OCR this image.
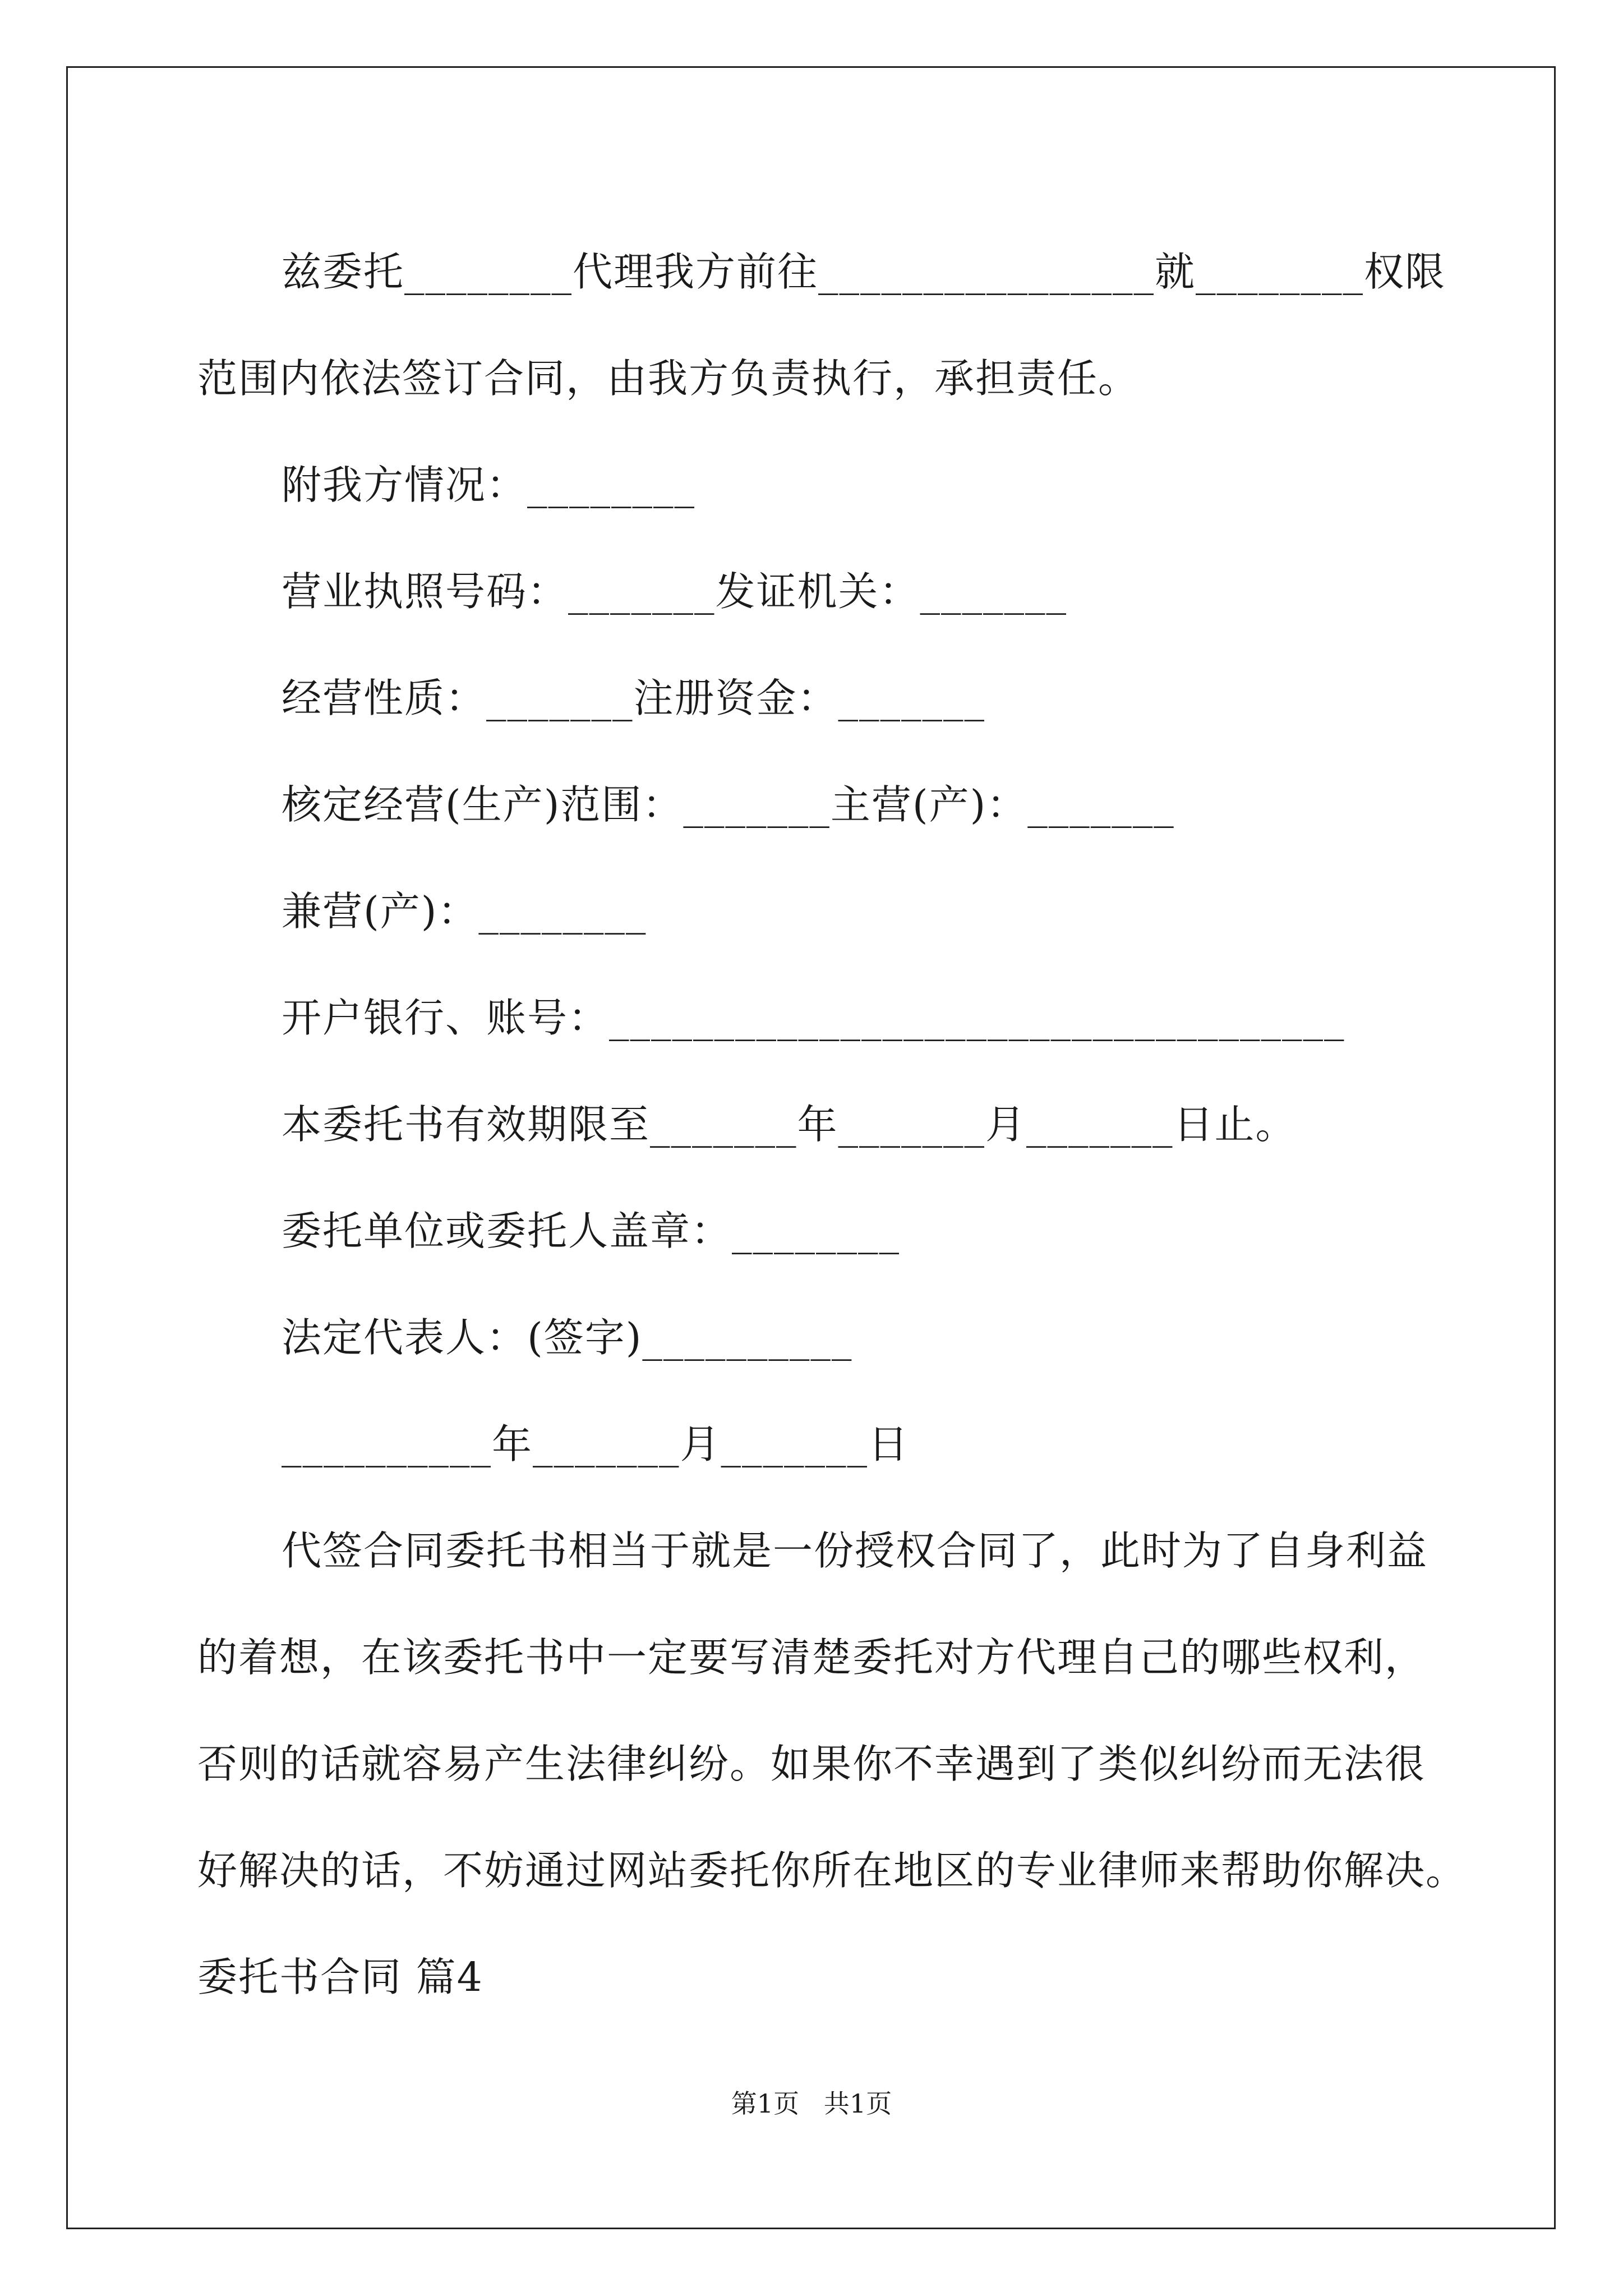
兹委托________代理我方前往________________就________权限
范围内依法签订合同，由我方负责执行，承担责任。
附我方情况：________
营业执照号码：_______发证机关：_______
经营性质：_______注册资金：_______
核定经营(生产)范围：_______主营(产)：_______
兼营(产)：________
开户银行、账号：___________________________________
本委托书有效期限至_______年_______月_______日止。
委托单位或委托人盖章：________
法定代表人：(签字)__________
__________年_______月_______日
代签合同委托书相当于就是一份授权合同了，此时为了自身利益
的着想，在该委托书中一定要写清楚委托对方代理自己的哪些权利，
否则的话就容易产生法律纠纷。如果你不幸遇到了类似纠纷而无法很
好解决的话，不妨通过网站委托你所在地区的专业律师来帮助你解决。
委托书合同 篇4
第1页   共1页
